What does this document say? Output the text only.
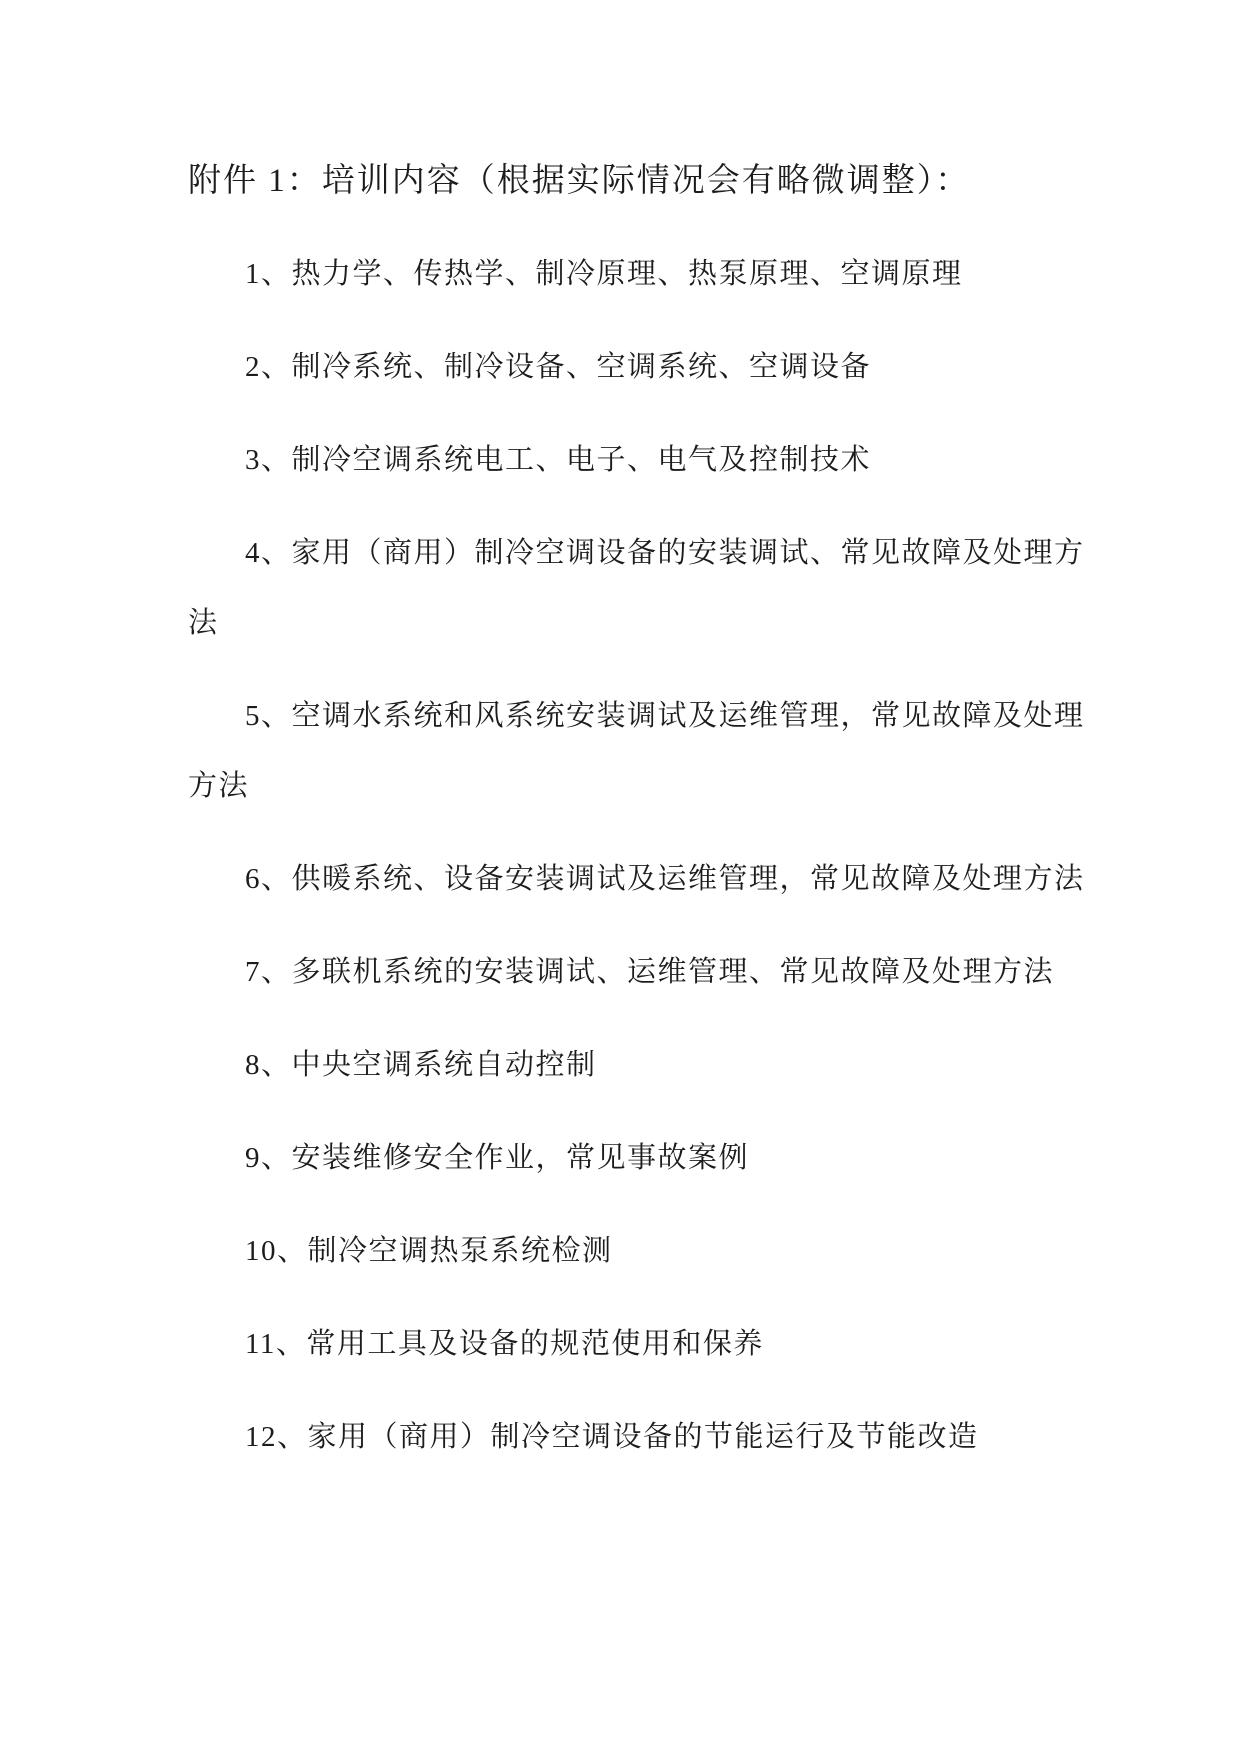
附件 1：培训内容（根据实际情况会有略微调整）：
1、热力学、传热学、制冷原理、热泵原理、空调原理
2、制冷系统、制冷设备、空调系统、空调设备
3、制冷空调系统电工、电子、电气及控制技术
4、家用（商用）制冷空调设备的安装调试、常见故障及处理方
法
5、空调水系统和风系统安装调试及运维管理，常见故障及处理
方法
6、供暖系统、设备安装调试及运维管理，常见故障及处理方法
7、多联机系统的安装调试、运维管理、常见故障及处理方法
8、中央空调系统自动控制
9、安装维修安全作业，常见事故案例
10、制冷空调热泵系统检测
11、常用工具及设备的规范使用和保养
12、家用（商用）制冷空调设备的节能运行及节能改造
